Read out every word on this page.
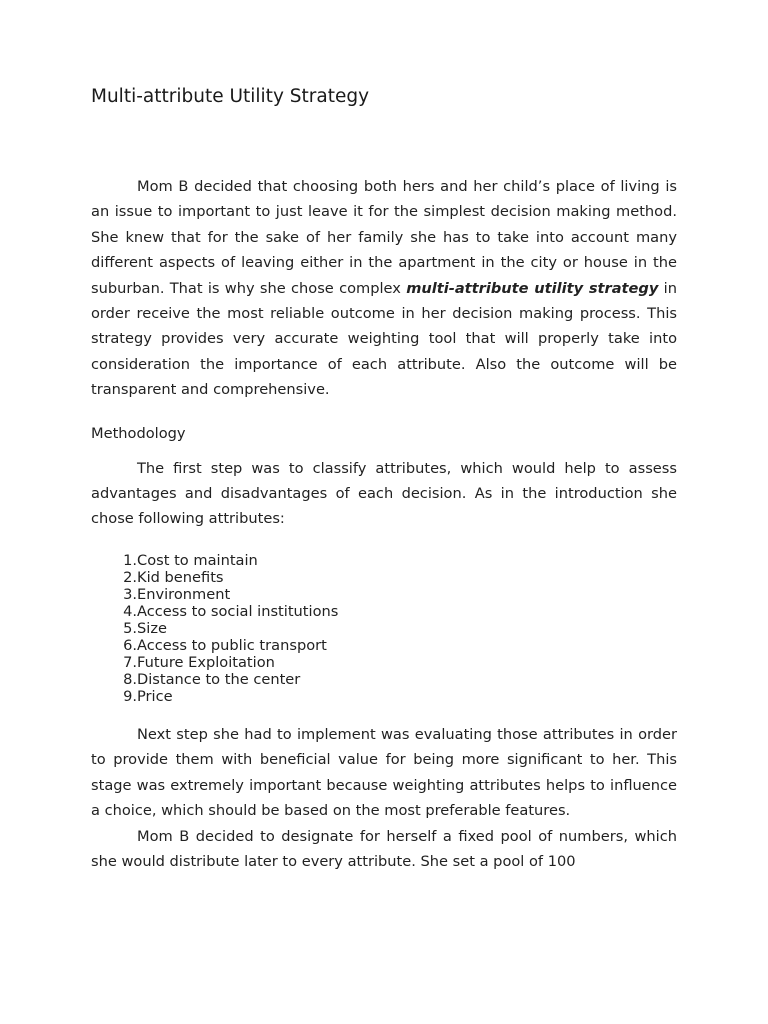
Multi-attribute Utility Strategy

Mom B decided that choosing both hers and her child’s place of living is an issue to important to just leave it for the simplest decision making method. She knew that for the sake of her family she has to take into account many different aspects of leaving either in the apartment in the city or house in the suburban. That is why she chose complex multi-attribute utility strategy in order receive the most reliable outcome in her decision making process. This strategy provides very accurate weighting tool that will properly take into consideration the importance of each attribute. Also the outcome will be transparent and comprehensive.

Methodology

The first step was to classify attributes, which would help to assess advantages and disadvantages of each decision. As in the introduction she chose following attributes:

1. Cost to maintain
2. Kid benefits
3. Environment
4. Access to social institutions
5. Size
6. Access to public transport
7. Future Exploitation
8. Distance to the center
9. Price

Next step she had to implement was evaluating those attributes in order to provide them with beneficial value for being more significant to her. This stage was extremely important because weighting attributes helps to influence a choice, which should be based on the most preferable features.

Mom B decided to designate for herself a fixed pool of numbers, which she would distribute later to every attribute. She set a pool of 100
